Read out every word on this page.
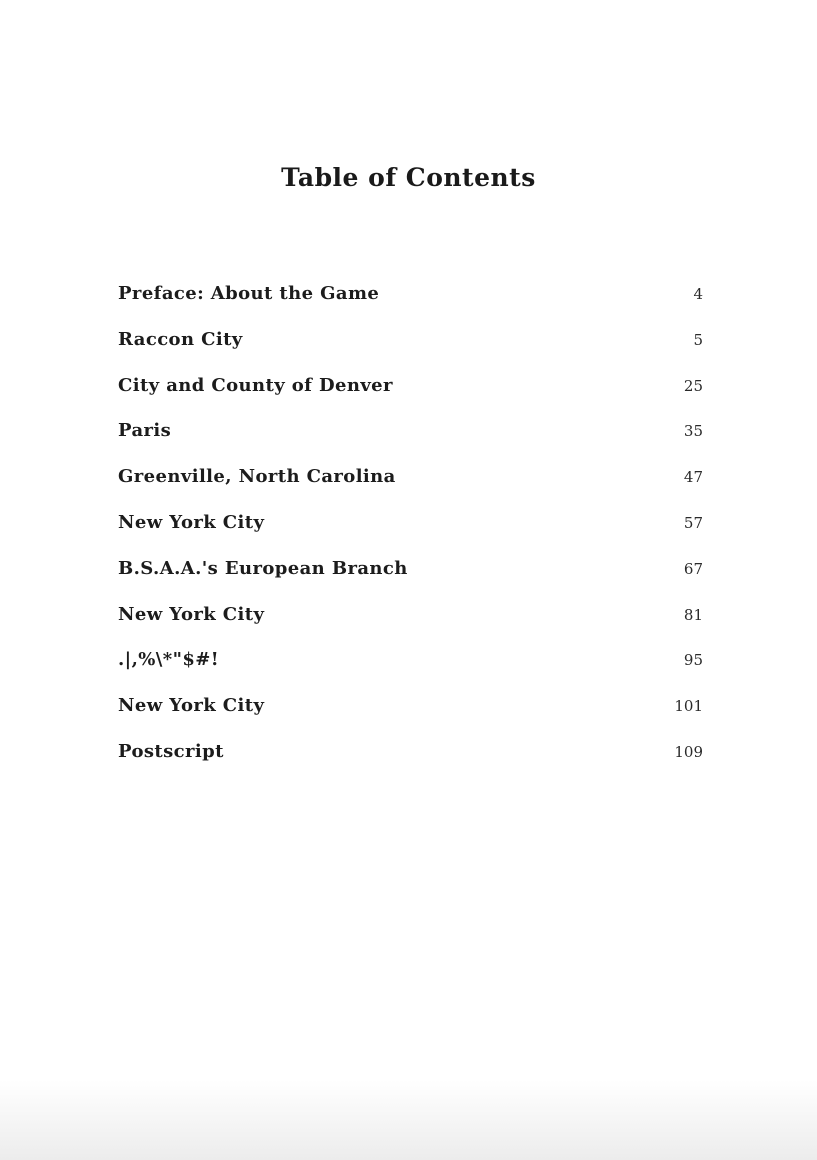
Table of Contents
Preface: About the Game	4
Raccon City	5
City and County of Denver	25
Paris	35
Greenville, North Carolina	47
New York City	57
B.S.A.A.'s European Branch	67
New York City	81
.|,%\*"$#!	95
New York City	101
Postscript	109
